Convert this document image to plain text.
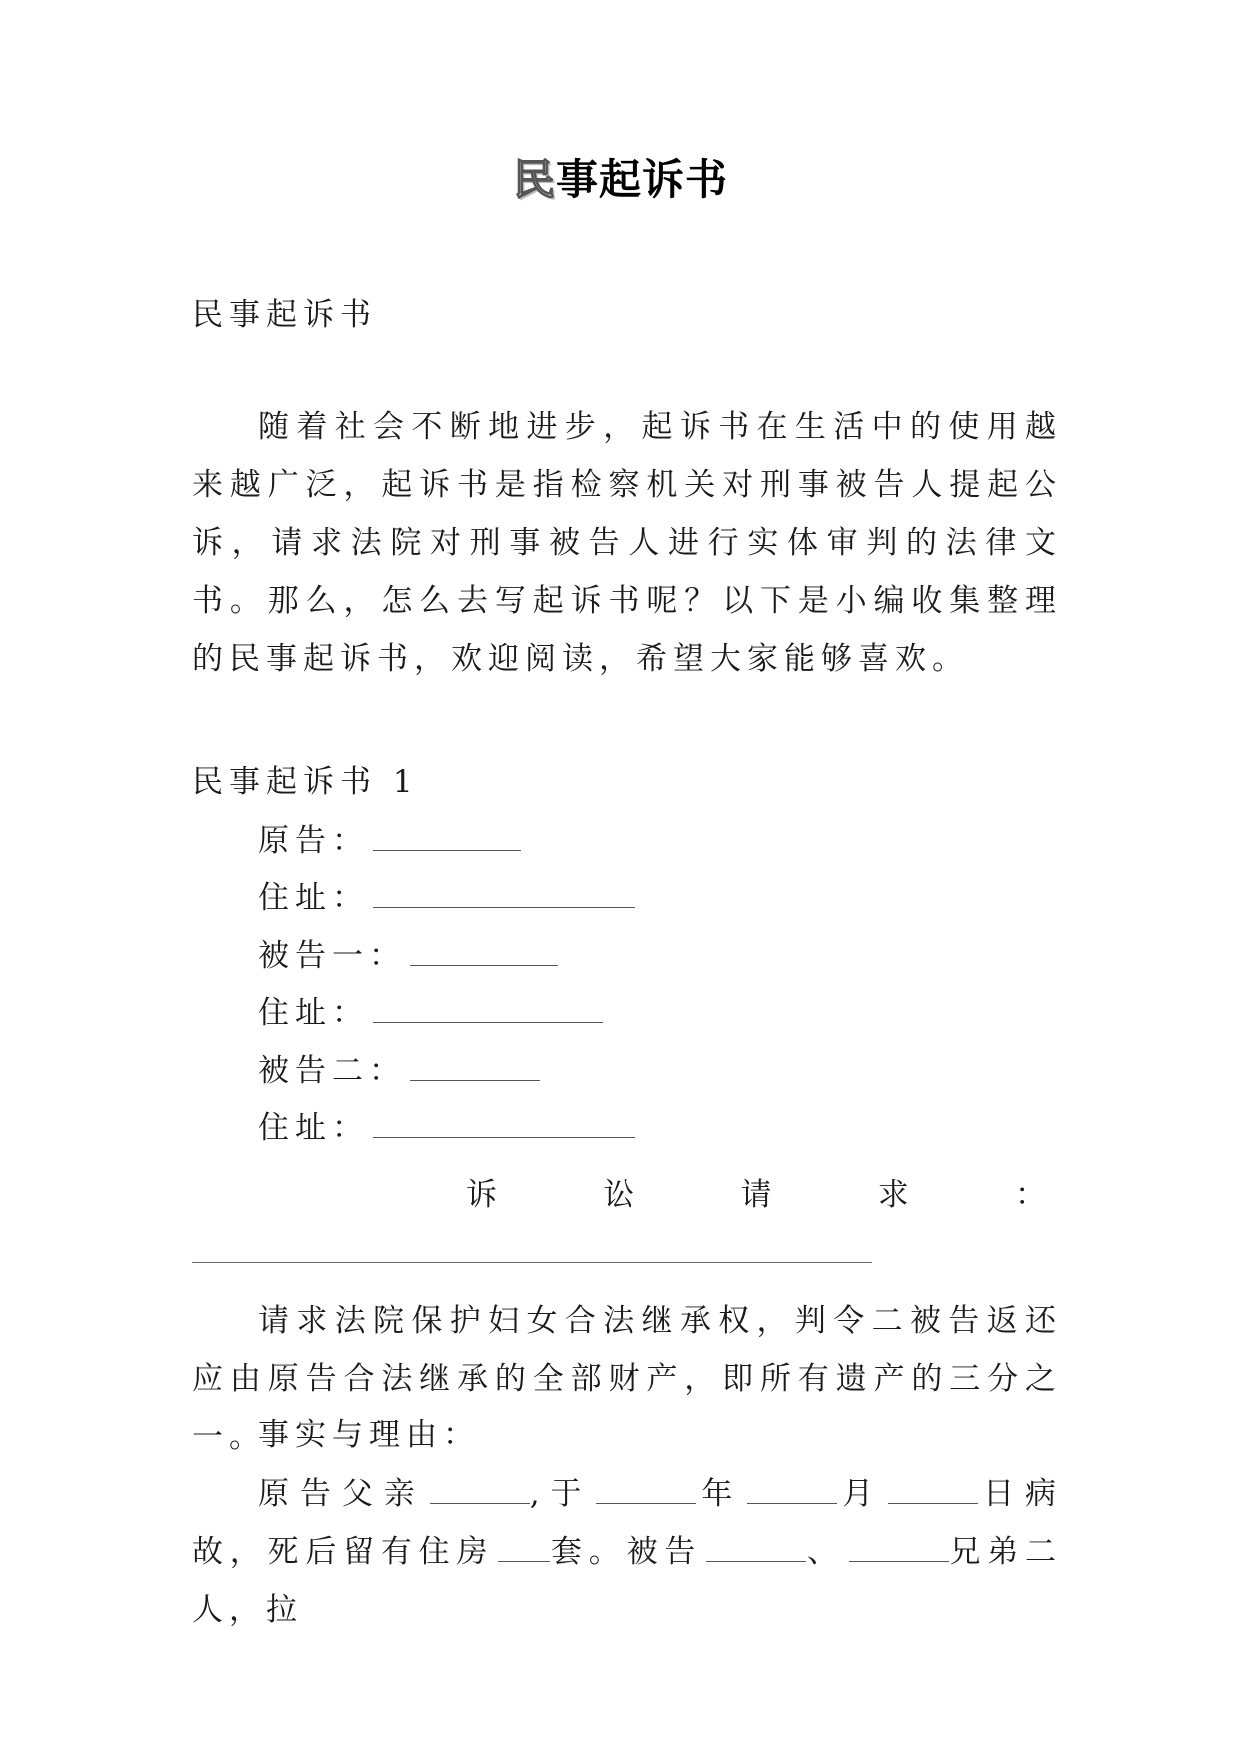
民事起诉书
民事起诉书
随着社会不断地进步，起诉书在生活中的使用越来越广泛，起诉书是指检察机关对刑事被告人提起公诉，请求法院对刑事被告人进行实体审判的法律文书。那么，怎么去写起诉书呢？以下是小编收集整理的民事起诉书，欢迎阅读，希望大家能够喜欢。
民事起诉书 1
原告：
住址：
被告一：
住址：
被告二：
住址：
诉	讼	请	求	：
请求法院保护妇女合法继承权，判令二被告返还应由原告合法继承的全部财产，即所有遗产的三分之一。
事实与理由：
原告父亲	,于	年	月	日病故，死后留有住房 套。被告	、	兄弟二人，拉
